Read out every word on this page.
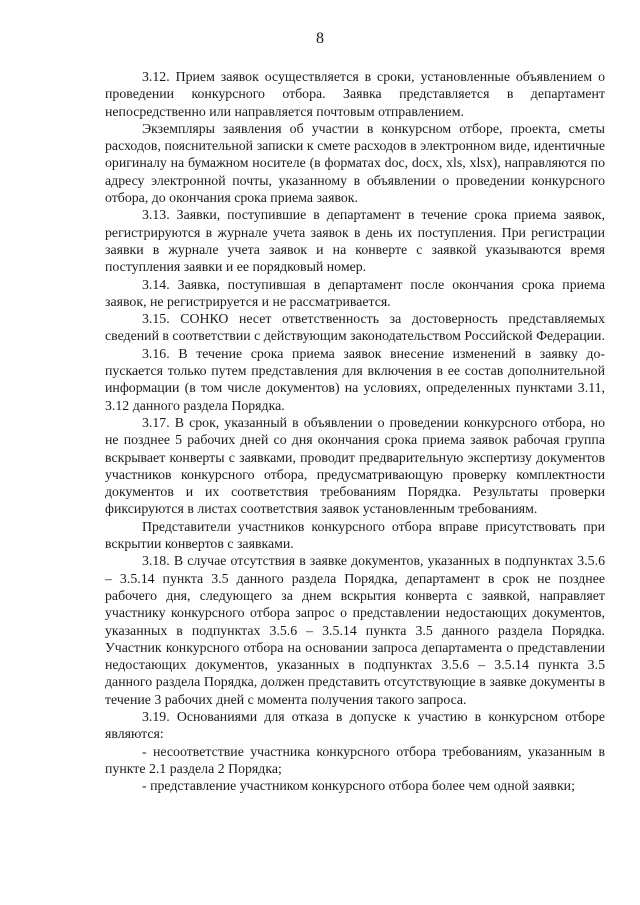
8

3.12. Прием заявок осуществляется в сроки, установленные объявлением о проведении конкурсного отбора. Заявка представляется в департамент непосредственно или направляется почтовым отправлением.

Экземпляры заявления об участии в конкурсном отборе, проекта, сметы расходов, пояснительной записки к смете расходов в электронном виде, идентичные оригиналу на бумажном носителе (в форматах doc, docx, xls, xlsx), направляются по адресу электронной почты, указанному в объявлении о проведении конкурсного отбора, до окончания срока приема заявок.

3.13. Заявки, поступившие в департамент в течение срока приема заявок, регистрируются в журнале учета заявок в день их поступления. При регистрации заявки в журнале учета заявок и на конверте с заявкой указываются время поступления заявки и ее порядковый номер.

3.14. Заявка, поступившая в департамент после окончания срока приема заявок, не регистрируется и не рассматривается.

3.15. СОНКО несет ответственность за достоверность представляемых сведений в соответствии с действующим законодательством Российской Федерации.

3.16. В течение срока приема заявок внесение изменений в заявку допускается только путем представления для включения в ее состав дополнительной информации (в том числе документов) на условиях, определенных пунктами 3.11, 3.12 данного раздела Порядка.

3.17. В срок, указанный в объявлении о проведении конкурсного отбора, но не позднее 5 рабочих дней со дня окончания срока приема заявок рабочая группа вскрывает конверты с заявками, проводит предварительную экспертизу документов участников конкурсного отбора, предусматривающую проверку комплектности документов и их соответствия требованиям Порядка. Результаты проверки фиксируются в листах соответствия заявок установленным требованиям.

Представители участников конкурсного отбора вправе присутствовать при вскрытии конвертов с заявками.

3.18. В случае отсутствия в заявке документов, указанных в подпунктах 3.5.6 – 3.5.14 пункта 3.5 данного раздела Порядка, департамент в срок не позднее рабочего дня, следующего за днем вскрытия конверта с заявкой, направляет участнику конкурсного отбора запрос о представлении недостающих документов, указанных в подпунктах 3.5.6 – 3.5.14 пункта 3.5 данного раздела Порядка. Участник конкурсного отбора на основании запроса департамента о представлении недостающих документов, указанных в подпунктах 3.5.6 – 3.5.14 пункта 3.5 данного раздела Порядка, должен представить отсутствующие в заявке документы в течение 3 рабочих дней с момента получения такого запроса.

3.19. Основаниями для отказа в допуске к участию в конкурсном отборе являются:

- несоответствие участника конкурсного отбора требованиям, указанным в пункте 2.1 раздела 2 Порядка;

- представление участником конкурсного отбора более чем одной заявки;
